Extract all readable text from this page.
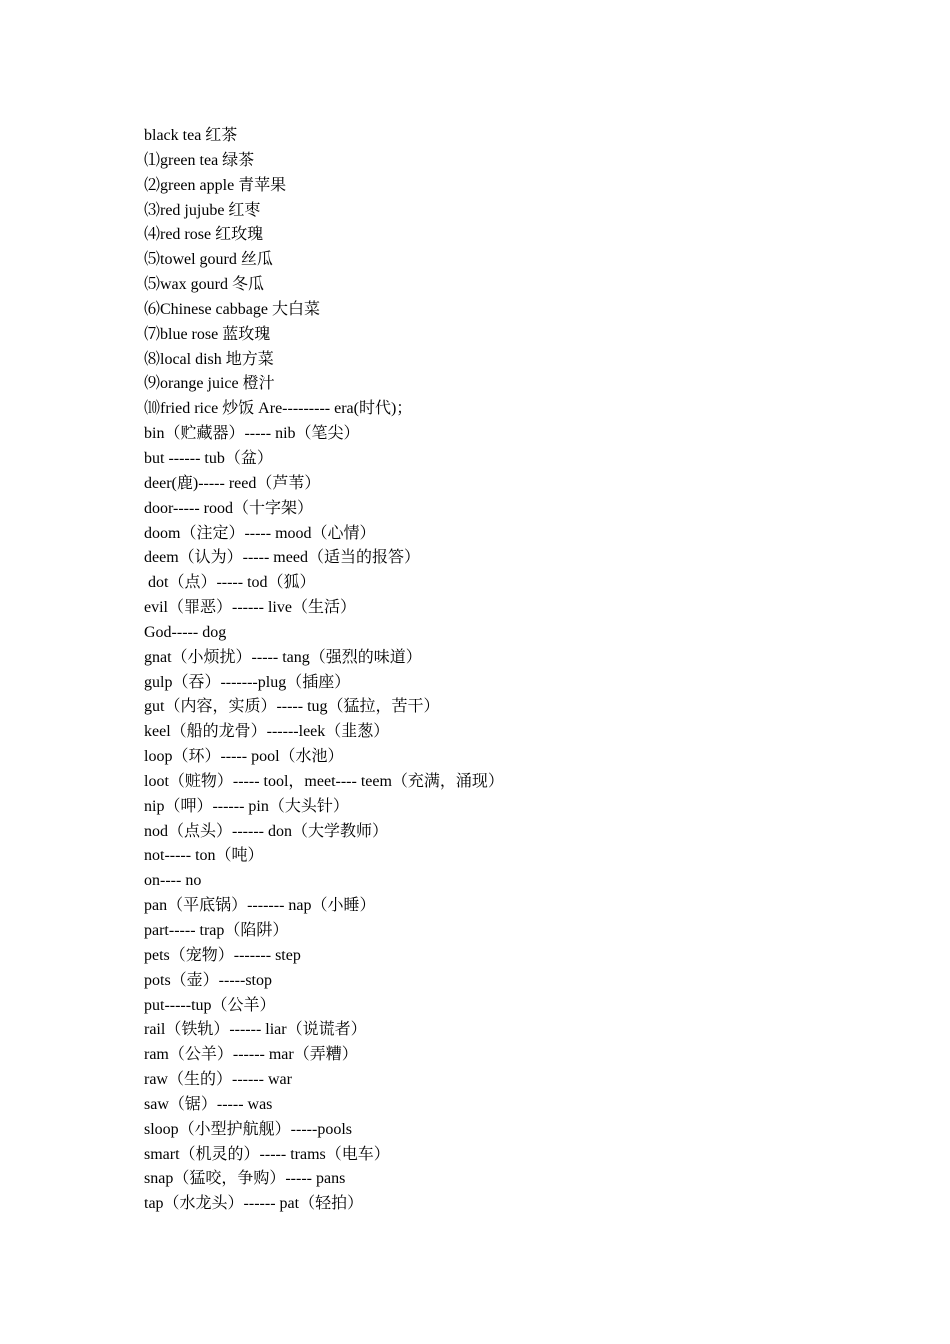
black tea 红茶
⑴green tea 绿茶
⑵green apple 青苹果
⑶red jujube 红枣
⑷red rose 红玫瑰
⑸towel gourd 丝瓜
⑸wax gourd 冬瓜
⑹Chinese cabbage 大白菜
⑺blue rose 蓝玫瑰
⑻local dish 地方菜
⑼orange juice 橙汁
⑽fried rice 炒饭 Are--------- era(时代)；
bin（贮藏器）----- nib（笔尖）
but ------ tub（盆）
deer(鹿)----- reed（芦苇）
door----- rood（十字架）
doom（注定）----- mood（心情）
deem（认为）----- meed（适当的报答）
dot（点）----- tod（狐）
evil（罪恶）------ live（生活）
God----- dog
gnat（小烦扰）----- tang（强烈的味道）
gulp（吞）-------plug（插座）
gut（内容，实质）----- tug（猛拉，苦干）
keel（船的龙骨）------leek（韭葱）
loop（环）----- pool（水池）
loot（赃物）----- tool，meet---- teem（充满，涌现）
nip（呷）------ pin（大头针）
nod（点头）------ don（大学教师）
not----- ton（吨）
on---- no
pan（平底锅）------- nap（小睡）
part----- trap（陷阱）
pets（宠物）------- step
pots（壶）-----stop
put-----tup（公羊）
rail（铁轨）------ liar（说谎者）
ram（公羊）------ mar（弄糟）
raw（生的）------ war
saw（锯）----- was
sloop（小型护航舰）-----pools
smart（机灵的）----- trams（电车）
snap（猛咬，争购）----- pans
tap（水龙头）------ pat（轻拍）
